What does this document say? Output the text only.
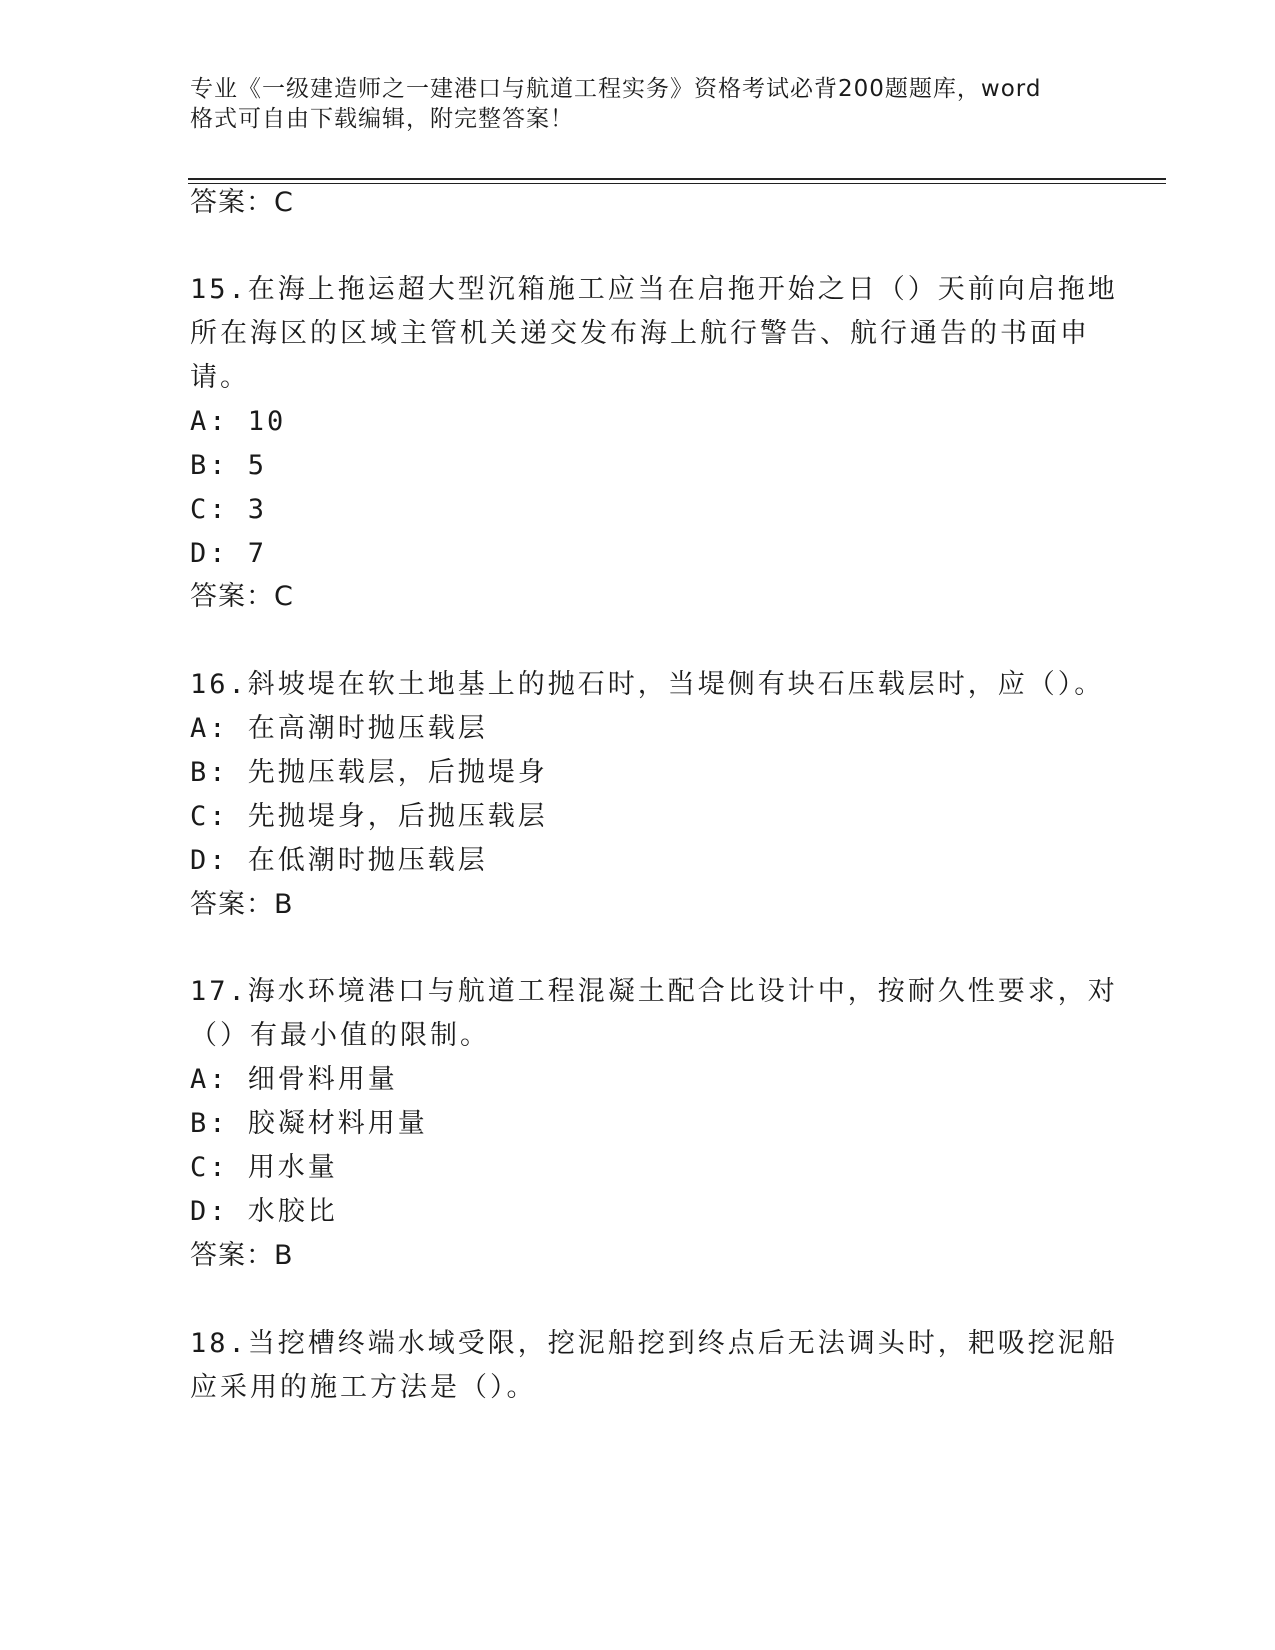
专业《一级建造师之一建港口与航道工程实务》资格考试必背200题题库，word
格式可自由下载编辑，附完整答案！
答案：C
15.在海上拖运超大型沉箱施工应当在启拖开始之日（）天前向启拖地
所在海区的区域主管机关递交发布海上航行警告、航行通告的书面申
请。
A: 10
B: 5
C: 3
D: 7
答案：C
16.斜坡堤在软土地基上的抛石时，当堤侧有块石压载层时，应（）。
A: 在高潮时抛压载层
B: 先抛压载层，后抛堤身
C: 先抛堤身，后抛压载层
D: 在低潮时抛压载层
答案：B
17.海水环境港口与航道工程混凝土配合比设计中，按耐久性要求，对
（）有最小值的限制。
A: 细骨料用量
B: 胶凝材料用量
C: 用水量
D: 水胶比
答案：B
18.当挖槽终端水域受限，挖泥船挖到终点后无法调头时，耙吸挖泥船
应采用的施工方法是（）。
